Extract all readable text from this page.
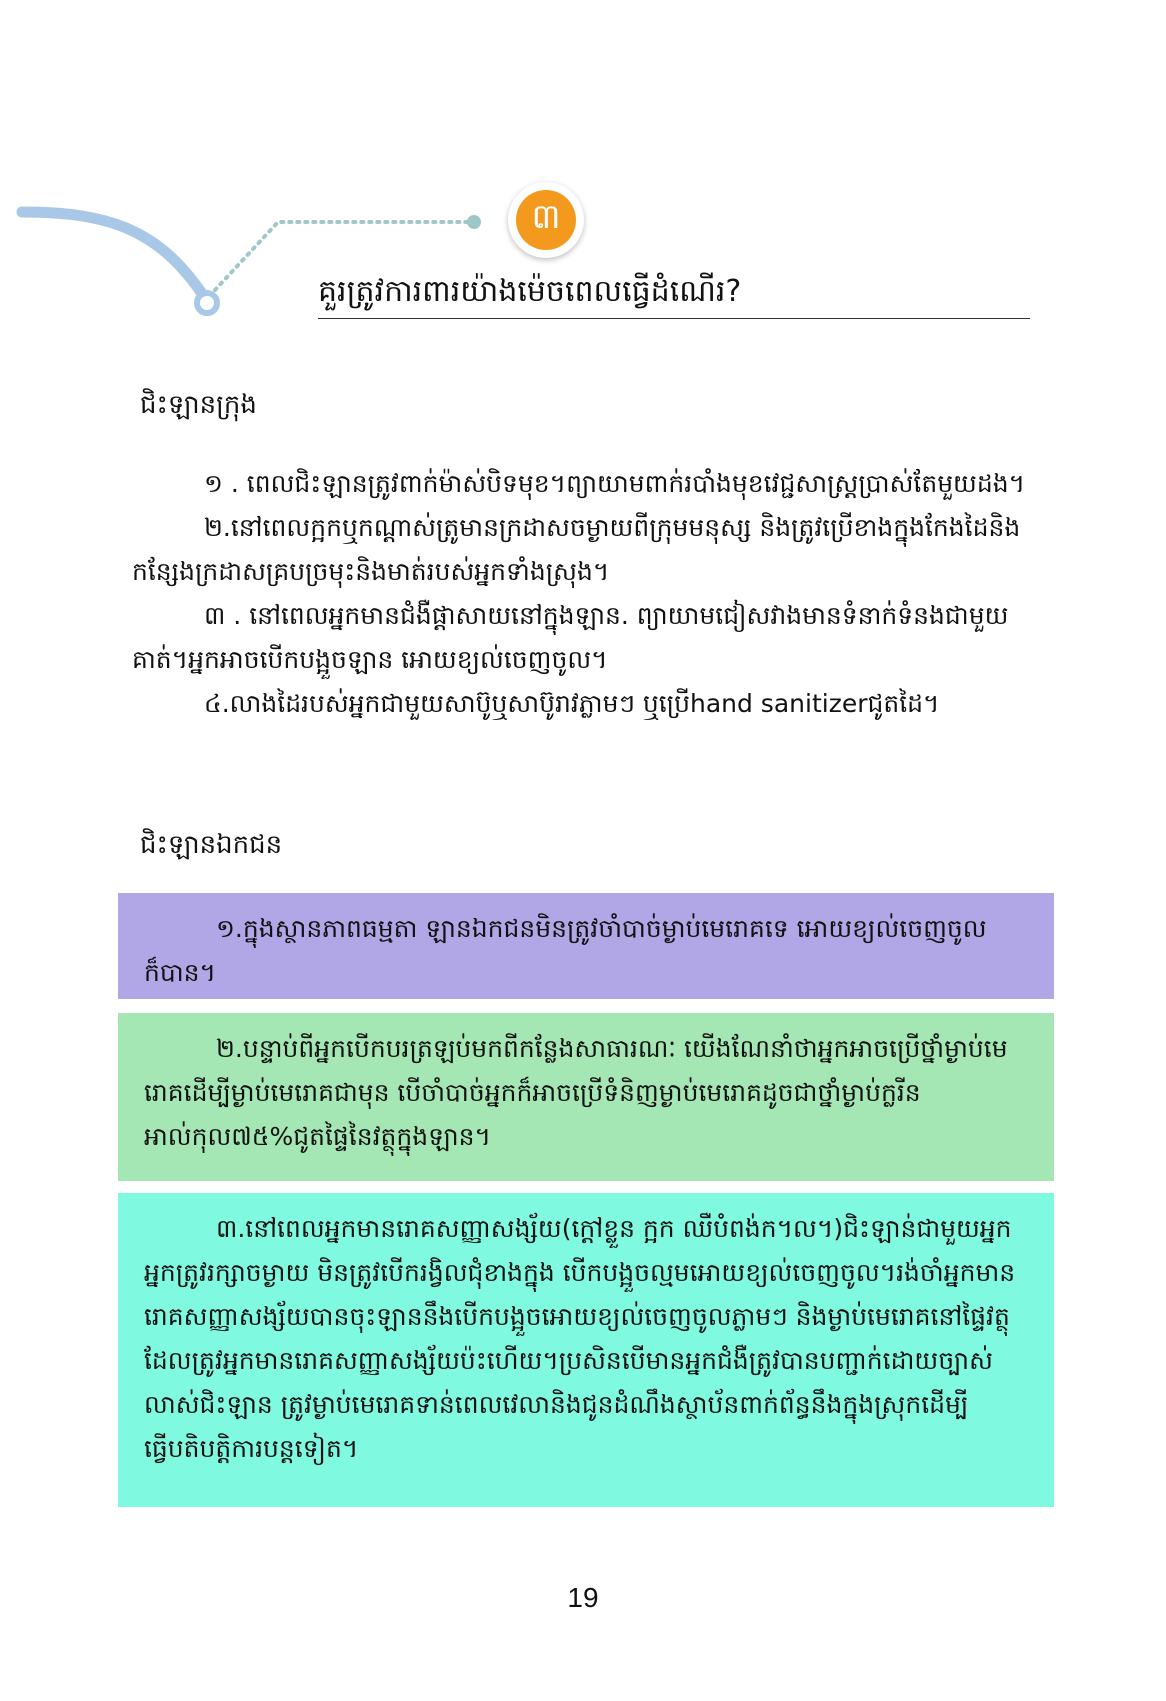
៣
គួរត្រូវការពារយ៉ាងម៉េចពេលធ្វើដំណើរ?
ជិះឡានក្រុង

១ . ពេលជិះឡានត្រូវពាក់ម៉ាស់បិទមុខ។ព្យាយាមពាក់របាំងមុខវេជ្ជសាស្ត្រប្រាស់តែមួយដង។

២.នៅពេលក្អកឬកណ្តាស់ត្រូមានក្រដាសចម្ងាយពីក្រុមមនុស្ស និងត្រូវប្រើខាងក្នុងកែងដៃនិងកន្សែងក្រដាសគ្របច្រមុះនិងមាត់របស់អ្នកទាំងស្រុង។

៣ . នៅពេលអ្នកមានជំងឺផ្តាសាយនៅក្នុងឡាន. ព្យាយាមជៀសវាងមានទំនាក់ទំនងជាមួយគាត់។អ្នកអាចបើកបង្អួចឡាន អោយខ្យល់ចេញចូល។

៤.លាងដៃរបស់អ្នកជាមួយសាប៊ូឬសាប៊ូរាវភ្លាមៗ ឬប្រើhand sanitizerជូតដៃ។

ជិះឡានឯកជន

១.ក្នុងស្ថានភាពធម្មតា ឡានឯកជនមិនត្រូវចាំបាច់ម្ងាប់មេរោគទេ អោយខ្យល់ចេញចូលក៏បាន។

២.បន្ទាប់ពីអ្នកបើកបរត្រឡប់មកពីកន្លែងសាធារណៈ យើងណែនាំថាអ្នកអាចប្រើថ្នាំម្ងាប់មេរោគដើម្បីម្ងាប់មេរោគជាមុន បើចាំបាច់អ្នកក៏អាចប្រើទំនិញម្ងាប់មេរោគដូចជាថ្នាំម្ងាប់ក្លរីន អាល់កុល៧៥%ជូតផ្ទៃនៃវត្ថុក្នុងឡាន។

៣.នៅពេលអ្នកមានរោគសញ្ញាសង្ស័យ(ក្តៅខ្លួន ក្អក ឈឺបំពង់ក។ល។)ជិះឡាន់ជាមួយអ្នកអ្នកត្រូវរក្សាចម្ងាយ មិនត្រូវបើករង្វិលជុំខាងក្នុង បើកបង្អួចល្មមអោយខ្យល់ចេញចូល។រង់ចាំអ្នកមានរោគសញ្ញាសង្ស័យបានចុះឡាននឹងបើកបង្អួចអោយខ្យល់ចេញចូលភ្លាមៗ និងម្ងាប់មេរោគនៅផ្ទៃវត្ថុដែលត្រូវអ្នកមានរោគសញ្ញាសង្ស័យប៉ះហើយ។ប្រសិនបើមានអ្នកជំងឺត្រូវបានបញ្ជាក់ដោយច្បាស់លាស់ជិះឡាន ត្រូវម្ងាប់មេរោគទាន់ពេលវេលានិងជូនដំណឹងស្ថាប័នពាក់ព័ន្ធនឹងក្នុងស្រុកដើម្បីធ្វើបតិបត្តិការបន្តទៀត។

19
